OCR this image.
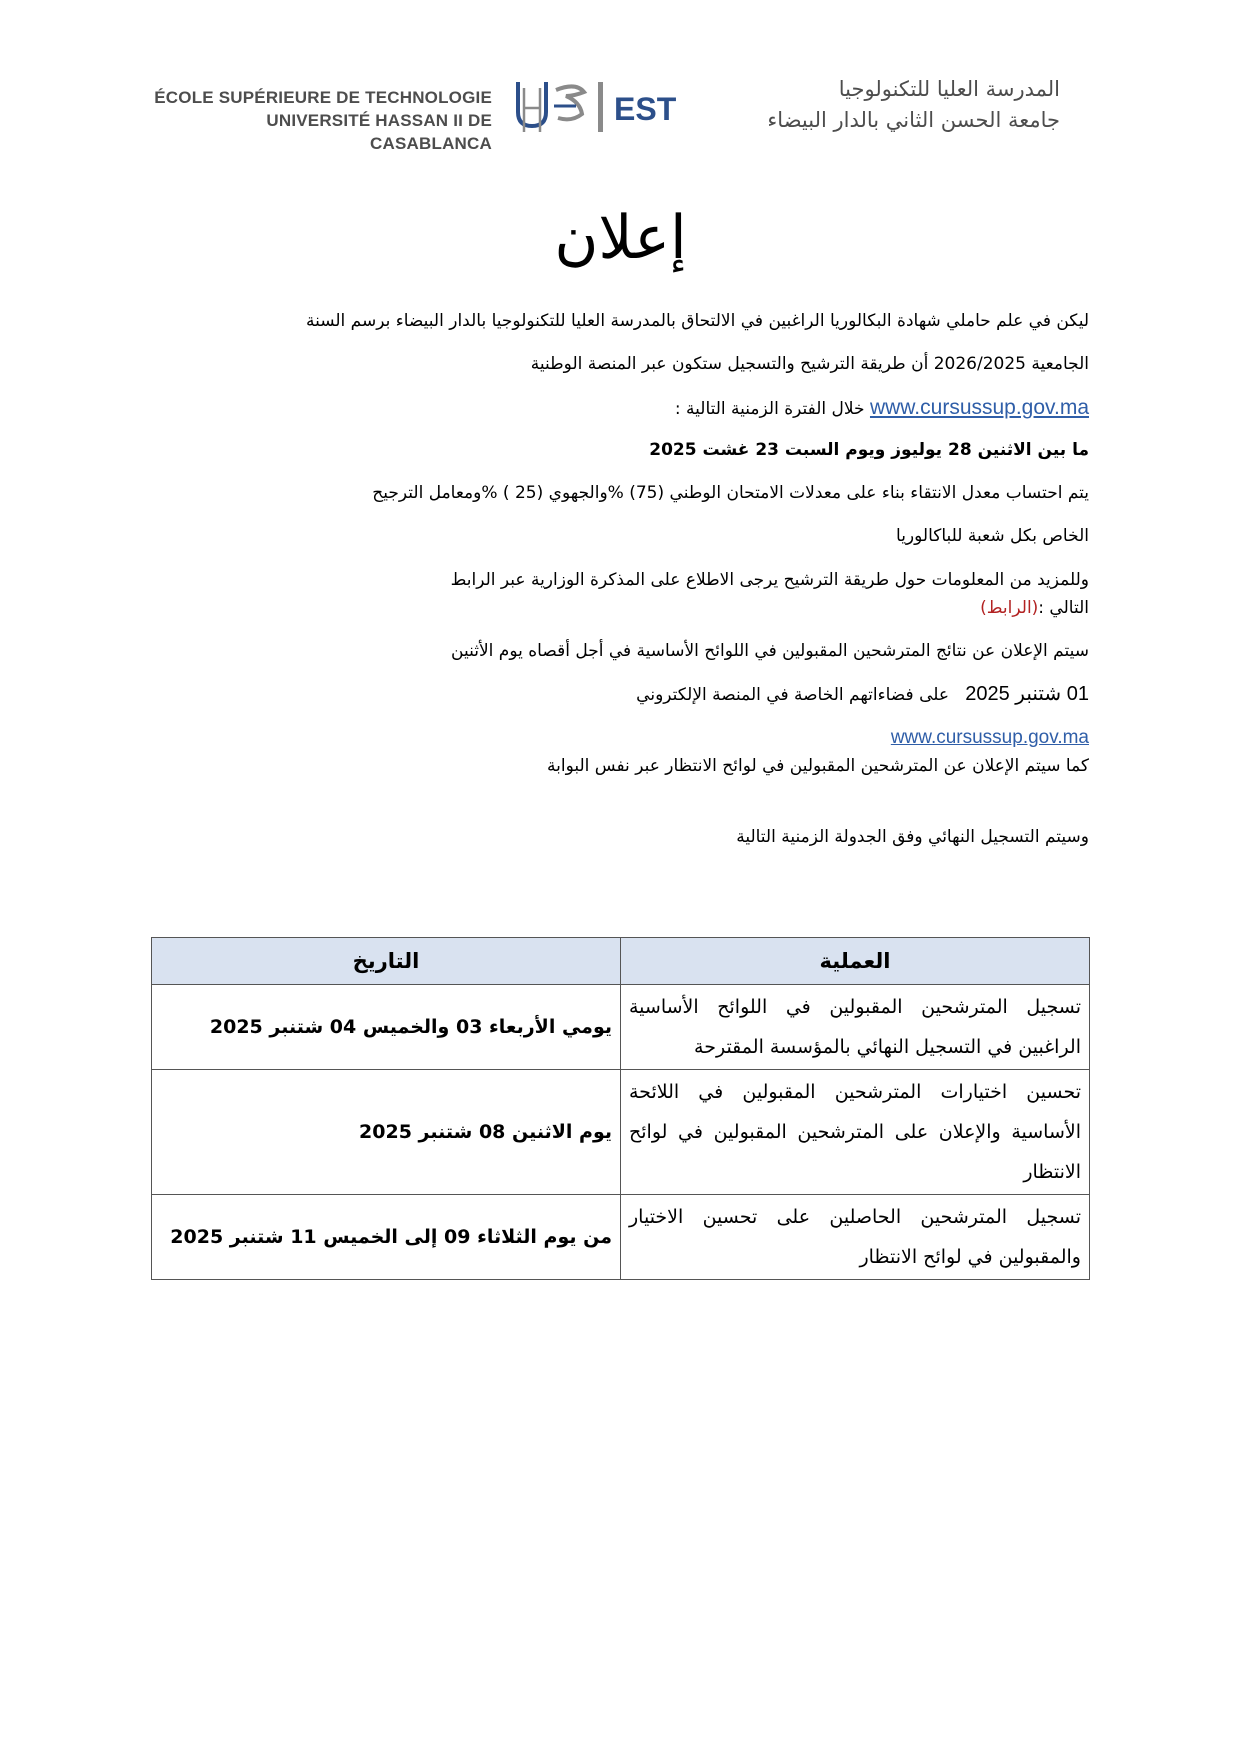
ÉCOLE SUPÉRIEURE DE TECHNOLOGIE
UNIVERSITÉ HASSAN II DE CASABLANCA
EST
المدرسة العليا للتكنولوجيا
جامعة الحسن الثاني بالدار البيضاء
إعلان
ليكن في علم حاملي شهادة البكالوريا الراغبين في الالتحاق بالمدرسة العليا للتكنولوجيا بالدار البيضاء برسم السنة
الجامعية 2026/2025 أن طريقة الترشيح والتسجيل ستكون عبر المنصة الوطنية
www.cursussup.gov.ma خلال الفترة الزمنية التالية :
ما بين الاثنين 28 يوليوز ويوم السبت 23 غشت 2025
يتم احتساب معدل الانتقاء بناء على معدلات الامتحان الوطني (75) %والجهوي (25 ) %ومعامل الترجيح
الخاص بكل شعبة للباكالوريا
وللمزيد من المعلومات حول طريقة الترشيح يرجى الاطلاع على المذكرة الوزارية عبر الرابط
التالي :(الرابط)
سيتم الإعلان عن نتائج المترشحين المقبولين في اللوائح الأساسية في أجل أقصاه يوم الأثنين
01 شتنبر 2025   على فضاءاتهم الخاصة في المنصة الإلكتروني
www.cursussup.gov.ma
كما سيتم الإعلان عن المترشحين المقبولين في لوائح الانتظار عبر نفس البوابة
وسيتم التسجيل النهائي وفق الجدولة الزمنية التالية
العملية	التاريخ
تسجيل المترشحين المقبولين في اللوائح الأساسية الراغبين في التسجيل النهائي بالمؤسسة المقترحة	يومي الأربعاء 03 والخميس 04 شتنبر 2025
تحسين اختيارات المترشحين المقبولين في اللائحة الأساسية والإعلان على المترشحين المقبولين في لوائح الانتظار	يوم الاثنين 08 شتنبر 2025
تسجيل المترشحين الحاصلين على تحسين الاختيار والمقبولين في لوائح الانتظار	من يوم الثلاثاء 09 إلى الخميس 11 شتنبر 2025
